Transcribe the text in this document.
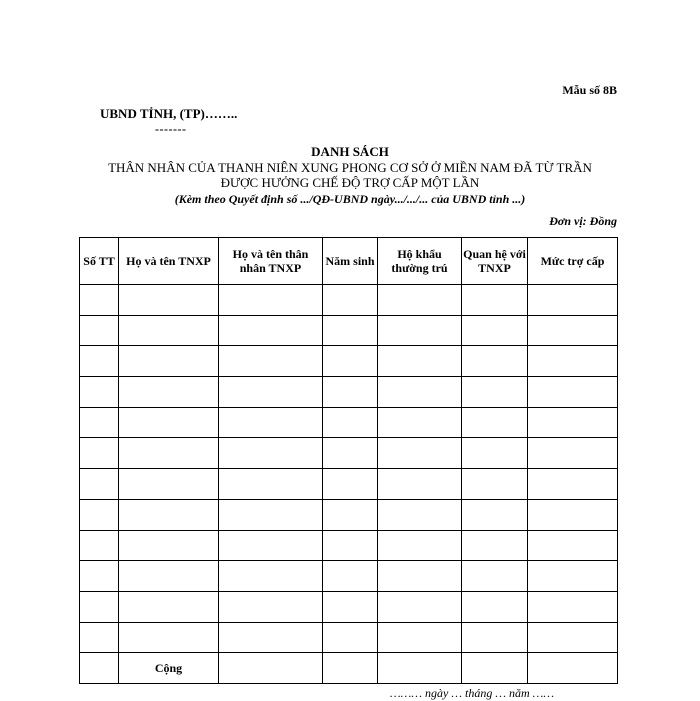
Mẫu số 8B
UBND TỈNH, (TP)……..
-------
DANH SÁCH
THÂN NHÂN CỦA THANH NIÊN XUNG PHONG CƠ SỞ Ở MIỀN NAM ĐÃ TỪ TRẦN
ĐƯỢC HƯỞNG CHẾ ĐỘ TRỢ CẤP MỘT LẦN
(Kèm theo Quyết định số .../QĐ-UBND ngày.../.../... của UBND tỉnh ...)
Đơn vị: Đồng
Số TT	Họ và tên TNXP	Họ và tên thân nhân TNXP	Năm sinh	Hộ khẩu thường trú	Quan hệ với TNXP	Mức trợ cấp

	Cộng					
……… ngày … tháng … năm ……
